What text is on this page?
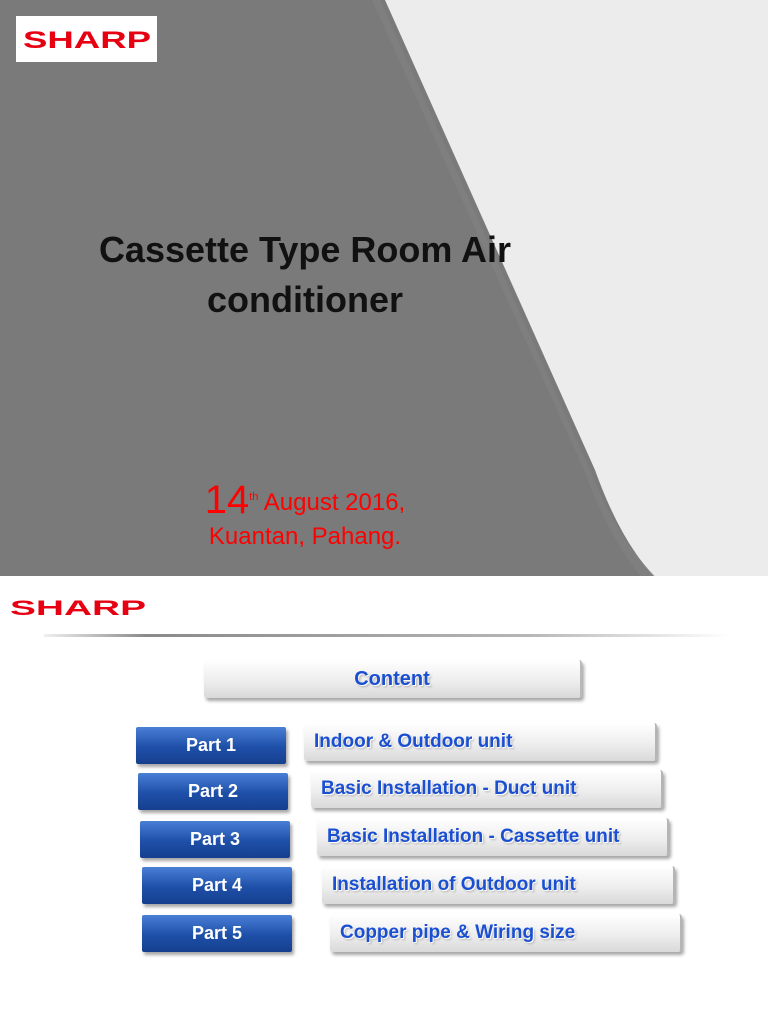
SHARP
Cassette Type Room Air
conditioner
14th August 2016,
Kuantan, Pahang.
SHARP
Content
Part 1	Indoor & Outdoor unit
Part 2	Basic Installation - Duct unit
Part 3	Basic Installation - Cassette unit
Part 4	Installation of Outdoor unit
Part 5	Copper pipe & Wiring size
